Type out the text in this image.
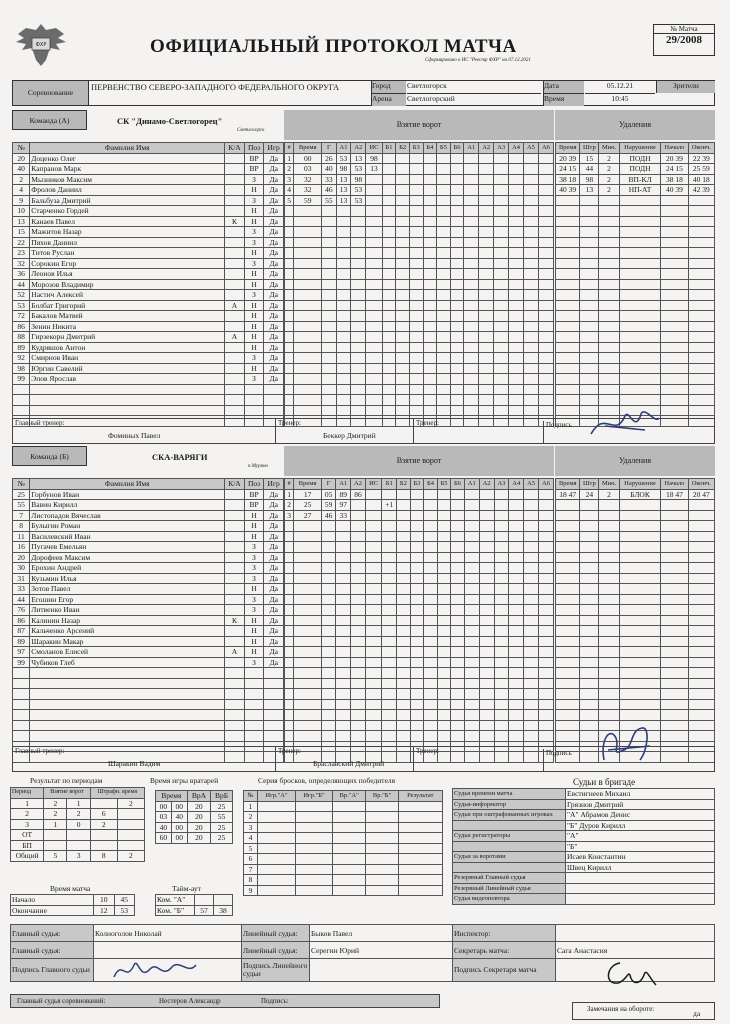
ФХР	ОФИЦИАЛЬНЫЙ ПРОТОКОЛ МАТЧА
Сформировано в ИС "Реестр ФХР" на 07.12.2021
№ Матча
29/2008
Соревнование
ПЕРВЕНСТВО СЕВЕРО-ЗАПАДНОГО ФЕДЕРАЛЬНОГО ОКРУГА	Город	Светлогорск
Арена	Светлогорский
Дата	05.12.21
Время	10:45
Зрители
Команда (А)	СК "Динамо-Светлогорец"
Светлогорск
Взятие ворот	Удаления
№	Фамилия Имя	К/А	Поз	Игр
20	Доценко Олег		ВР	Да
40	Капранов Марк		ВР	Да
2	Мызников Максим		З	Да
4	Фролов Даниил		Н	Да
9	Бальбуза Дмитрий		З	Да
10	Старченко Гордей		Н	Да
13	Канаев Павел	К	Н	Да
15	Мажитов Назар		З	Да
22	Пяхов Даниил		З	Да
23	Титов Руслан		Н	Да
32	Сорокин Егор		З	Да
36	Леонов Илья		Н	Да
44	Морозов Владимир		Н	Да
52	Настич Алексей		З	Да
53	Болбат Григорий	А	Н	Да
72	Бакалов Матвей		Н	Да
86	Зенин Никита		Н	Да
88	Гирзекорн Дмитрий	А	Н	Да
89	Кудряшов Антон		Н	Да
92	Смирнов Иван		З	Да
98	Юргин Савелий		Н	Да
99	Эпов Ярослав		З	Да

#	Время	Г	А1	А2	ИС	Б1	Б2	Б3	Б4	Б5	Б6	А1	А2	А3	А4	А5	А6
1	00	26	53	13	98												
2	03	40	98	53	13												
3	32	33	13	98													
4	32	46	13	53													
5	59	55	13	53													

Время	Штр	Мин.	Нарушение	Начало	Оконч.
20 39	15	2	ПОДН	20 39	22 39
24 15	44	2	ПОДН	24 15	25 59
38 18	98	2	ВП-КЛ	38 18	40 18
40 39	13	2	НП-АТ	40 39	42 39

Главный тренер:
Фоминых Павел
Тренер:
Беккер Дмитрий
Тренер:	Подпись
Команда (Б)	СКА-ВАРЯГИ
п.Мурино
Взятие ворот	Удаления
№	Фамилия Имя	К/А	Поз	Игр
25	Горбунов Иван		ВР	Да
55	Вавин Кирилл		ВР	Да
7	Листопадов Вячеслав		Н	Да
8	Булыгин Роман		Н	Да
11	Василевский Иван		Н	Да
16	Пугачев Емельян		З	Да
20	Дорофеев Максим		З	Да
30	Ерохин Андрей		З	Да
31	Кузьмин Илья		З	Да
33	Зотов Павел		Н	Да
44	Егошин Егор		З	Да
76	Литвенко Иван		З	Да
86	Калинин Назар	К	Н	Да
87	Кальченко Арсений		Н	Да
89	Шаракин Макар		Н	Да
97	Смоланов Елисей	А	Н	Да
99	Чубиков Глеб		З	Да

#	Время	Г	А1	А2	ИС	Б1	Б2	Б3	Б4	Б5	Б6	А1	А2	А3	А4	А5	А6
1	17	05	89	86													
2	25	59	97			+1											
3	27	46	33														

Время	Штр	Мин.	Нарушение	Начало	Оконч.
18 47	24	2	БЛОК	18 47	20 47

Главный тренер:
Шаракин Вадим
Тренер:
Браславский Дмитрий
Тренер:	Подпись
Результат по периодам
Период	Взятие ворот		Штрафн. время	
1	2	1		2
2	2	2	6	
3	1	0	2	
ОТ				
БП				
Общий	5	3	8	2
Время игры вратарей
Время		ВрА	ВрБ
00	00	20	25
03	40	20	55
40	00	20	25
60	00	20	25
Время матча
Начало	10	45
Окончание	12	53
Тайм-аут
Ком. "А"		
Ком. "Б"	57	38
Серия бросков, определяющих победителя
№	Игр."А"	Игр."Б"	Вр."А"	Вр."Б"	Результат
1					
2					
3					
4					
5					
6					
7					
8					
9					
Судьи в бригаде
Судья времени матча	Евстигнеев Михаил
Судья-информатор	Грязнов Дмитрий
Судьи при оштрафованных игроках	"А" Абрамов Денис
	"Б" Дуров Кирилл
Судьи регистраторы	"А"
	"Б"
Судьи за воротами	Исаев Константин
	Швец Кирилл
Резервный Главный судья	
Резервный Линейный судья	
Судья видеоповтора	
Главный судья:	Колноголов Николай	Линейный судья:	Быков Павел	Инспектор:	
Главный судья:		Линейный судья:	Серегин Юрий	Секретарь матча:	Сага Анастасия
Подпись Главного судьи		Подпись Линейного судьи		Подпись Секретаря матча	
Главный судья соревнований:	Нестеров Александр	Подпись:
Замечания на оборотe:	да
